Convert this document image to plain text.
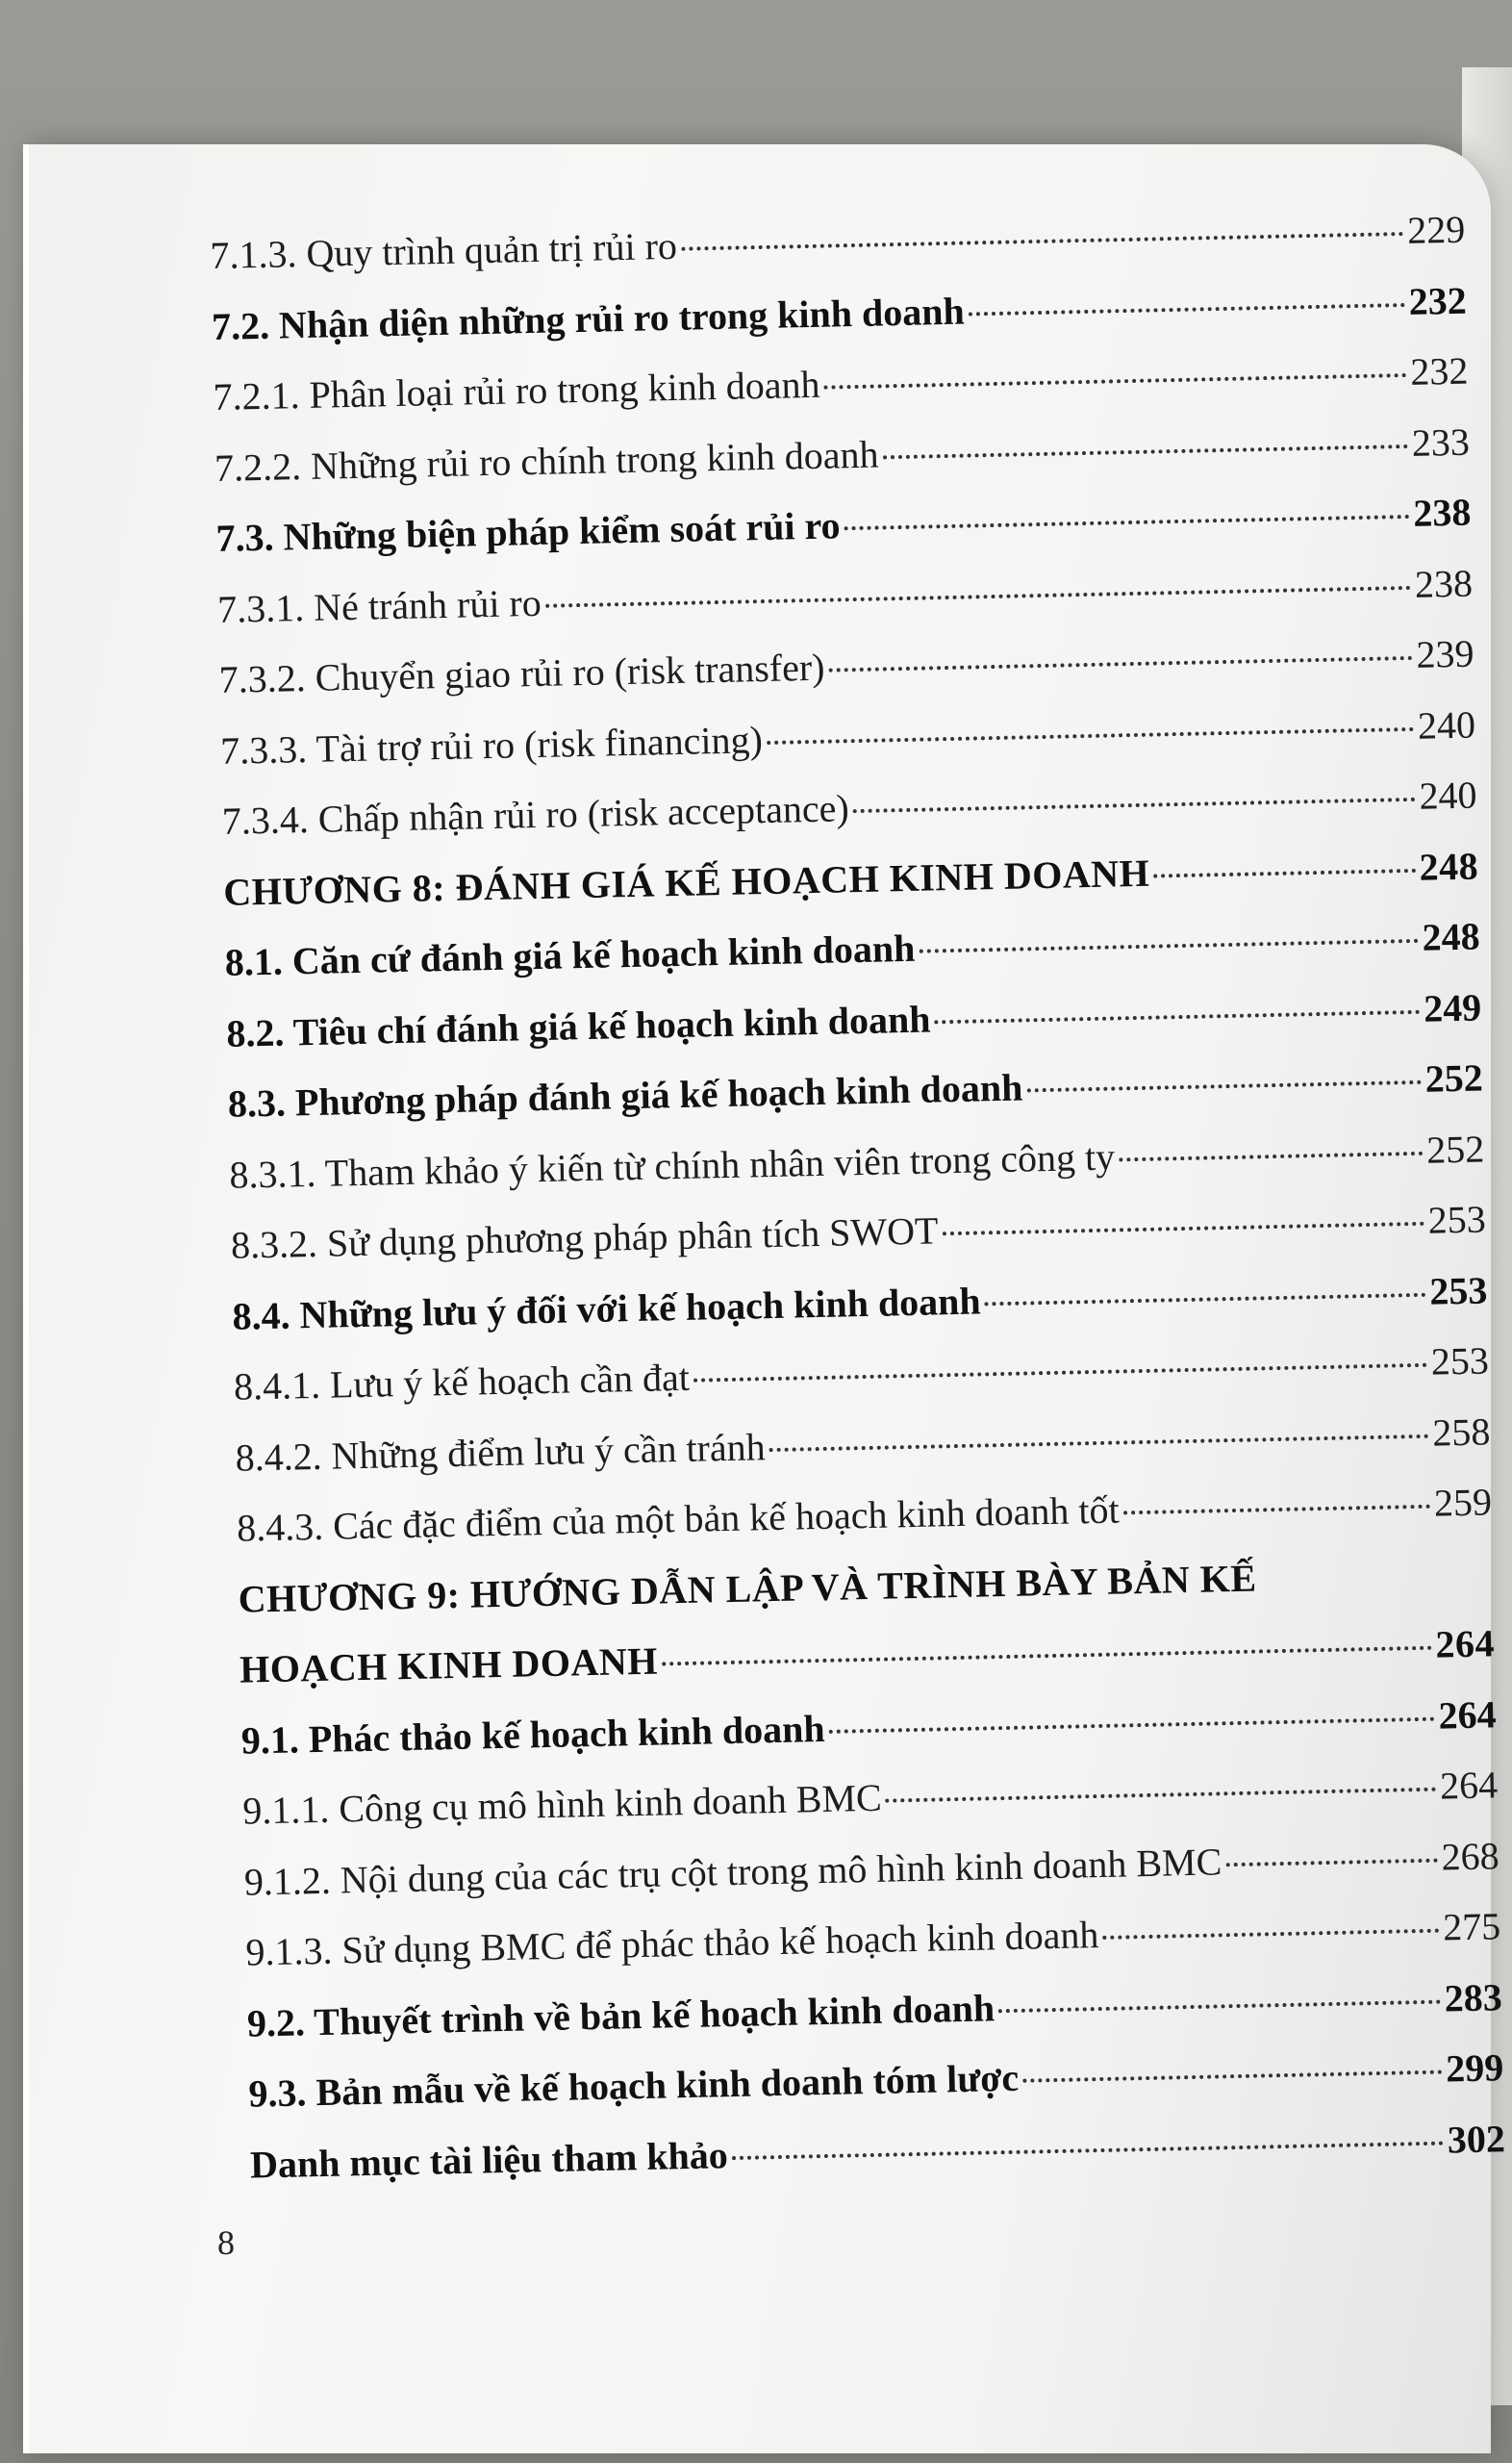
7.1.3. Quy trình quản trị rủi ro	229
7.2. Nhận diện những rủi ro trong kinh doanh	232
7.2.1. Phân loại rủi ro trong kinh doanh	232
7.2.2. Những rủi ro chính trong kinh doanh	233
7.3. Những biện pháp kiểm soát rủi ro	238
7.3.1. Né tránh rủi ro	238
7.3.2. Chuyển giao rủi ro (risk transfer)	239
7.3.3. Tài trợ rủi ro (risk financing)	240
7.3.4. Chấp nhận rủi ro (risk acceptance)	240
CHƯƠNG 8: ĐÁNH GIÁ KẾ HOẠCH KINH DOANH	248
8.1. Căn cứ đánh giá kế hoạch kinh doanh	248
8.2. Tiêu chí đánh giá kế hoạch kinh doanh	249
8.3. Phương pháp đánh giá kế hoạch kinh doanh	252
8.3.1. Tham khảo ý kiến từ chính nhân viên trong công ty	252
8.3.2. Sử dụng phương pháp phân tích SWOT	253
8.4. Những lưu ý đối với kế hoạch kinh doanh	253
8.4.1. Lưu ý kế hoạch cần đạt	253
8.4.2. Những điểm lưu ý cần tránh	258
8.4.3. Các đặc điểm của một bản kế hoạch kinh doanh tốt	259
CHƯƠNG 9: HƯỚNG DẪN LẬP VÀ TRÌNH BÀY BẢN KẾ
HOẠCH KINH DOANH	264
9.1. Phác thảo kế hoạch kinh doanh	264
9.1.1. Công cụ mô hình kinh doanh BMC	264
9.1.2. Nội dung của các trụ cột trong mô hình kinh doanh BMC	268
9.1.3. Sử dụng BMC để phác thảo kế hoạch kinh doanh	275
9.2. Thuyết trình về bản kế hoạch kinh doanh	283
9.3. Bản mẫu về kế hoạch kinh doanh tóm lược	299
Danh mục tài liệu tham khảo	302
8
